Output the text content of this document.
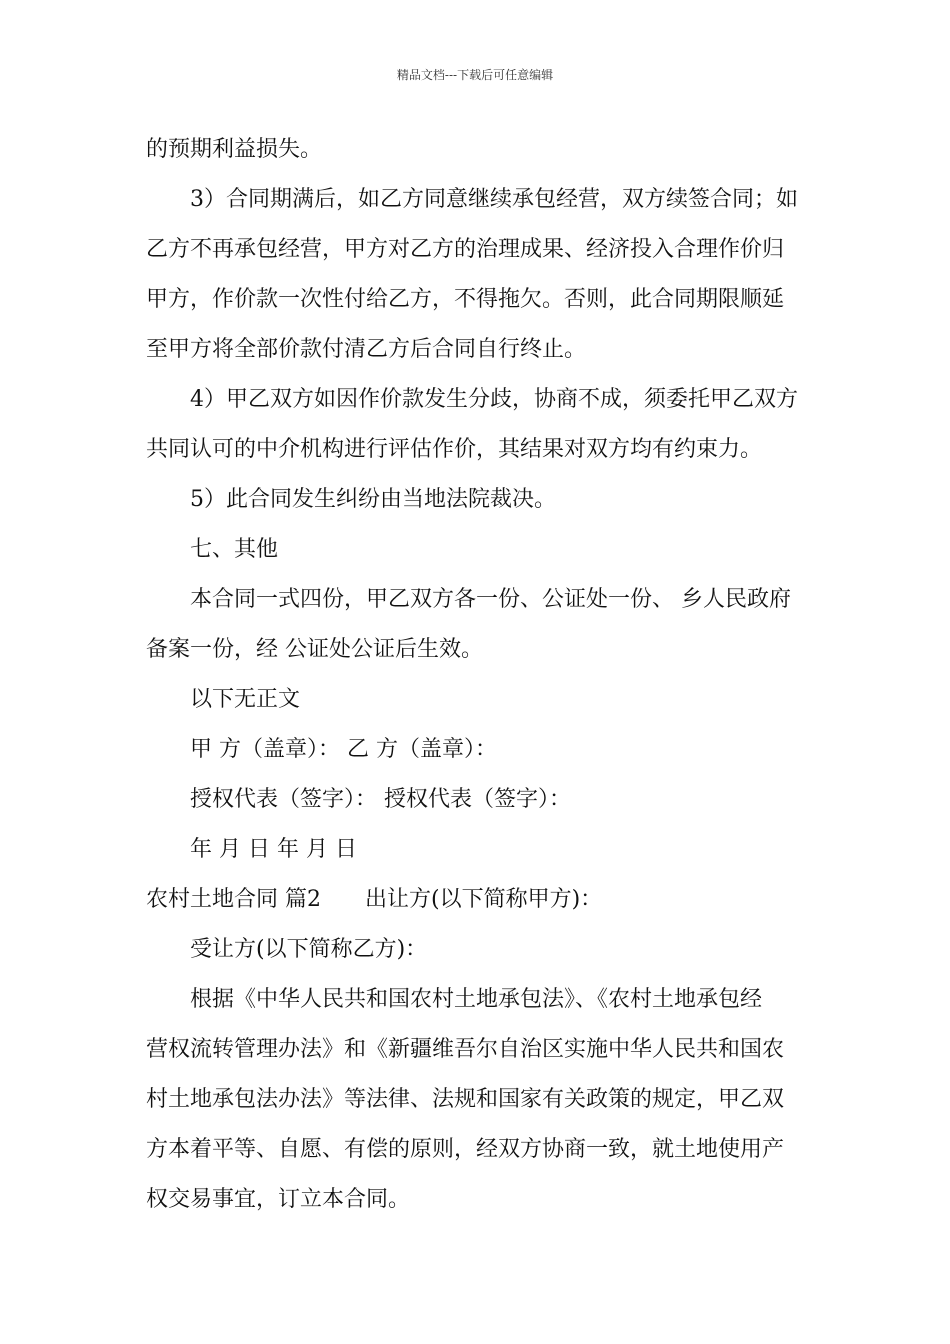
精品文档---下载后可任意编辑
的预期利益损失。
3）合同期满后，如乙方同意继续承包经营，双方续签合同；如
乙方不再承包经营，甲方对乙方的治理成果、经济投入合理作价归
甲方，作价款一次性付给乙方，不得拖欠。否则，此合同期限顺延
至甲方将全部价款付清乙方后合同自行终止。
4）甲乙双方如因作价款发生分歧，协商不成，须委托甲乙双方
共同认可的中介机构进行评估作价，其结果对双方均有约束力。
5）此合同发生纠纷由当地法院裁决。
七、其他
本合同一式四份，甲乙双方各一份、公证处一份、 乡人民政府
备案一份，经 公证处公证后生效。
以下无正文
甲 方（盖章）： 乙 方（盖章）：
授权代表（签字）： 授权代表（签字）：
年 月 日 年 月 日
农村土地合同 篇2　　出让方(以下简称甲方)：
受让方(以下简称乙方)：
根据《中华人民共和国农村土地承包法》、《农村土地承包经
营权流转管理办法》和《新疆维吾尔自治区实施中华人民共和国农
村土地承包法办法》等法律、法规和国家有关政策的规定，甲乙双
方本着平等、自愿、有偿的原则，经双方协商一致，就土地使用产
权交易事宜，订立本合同。
